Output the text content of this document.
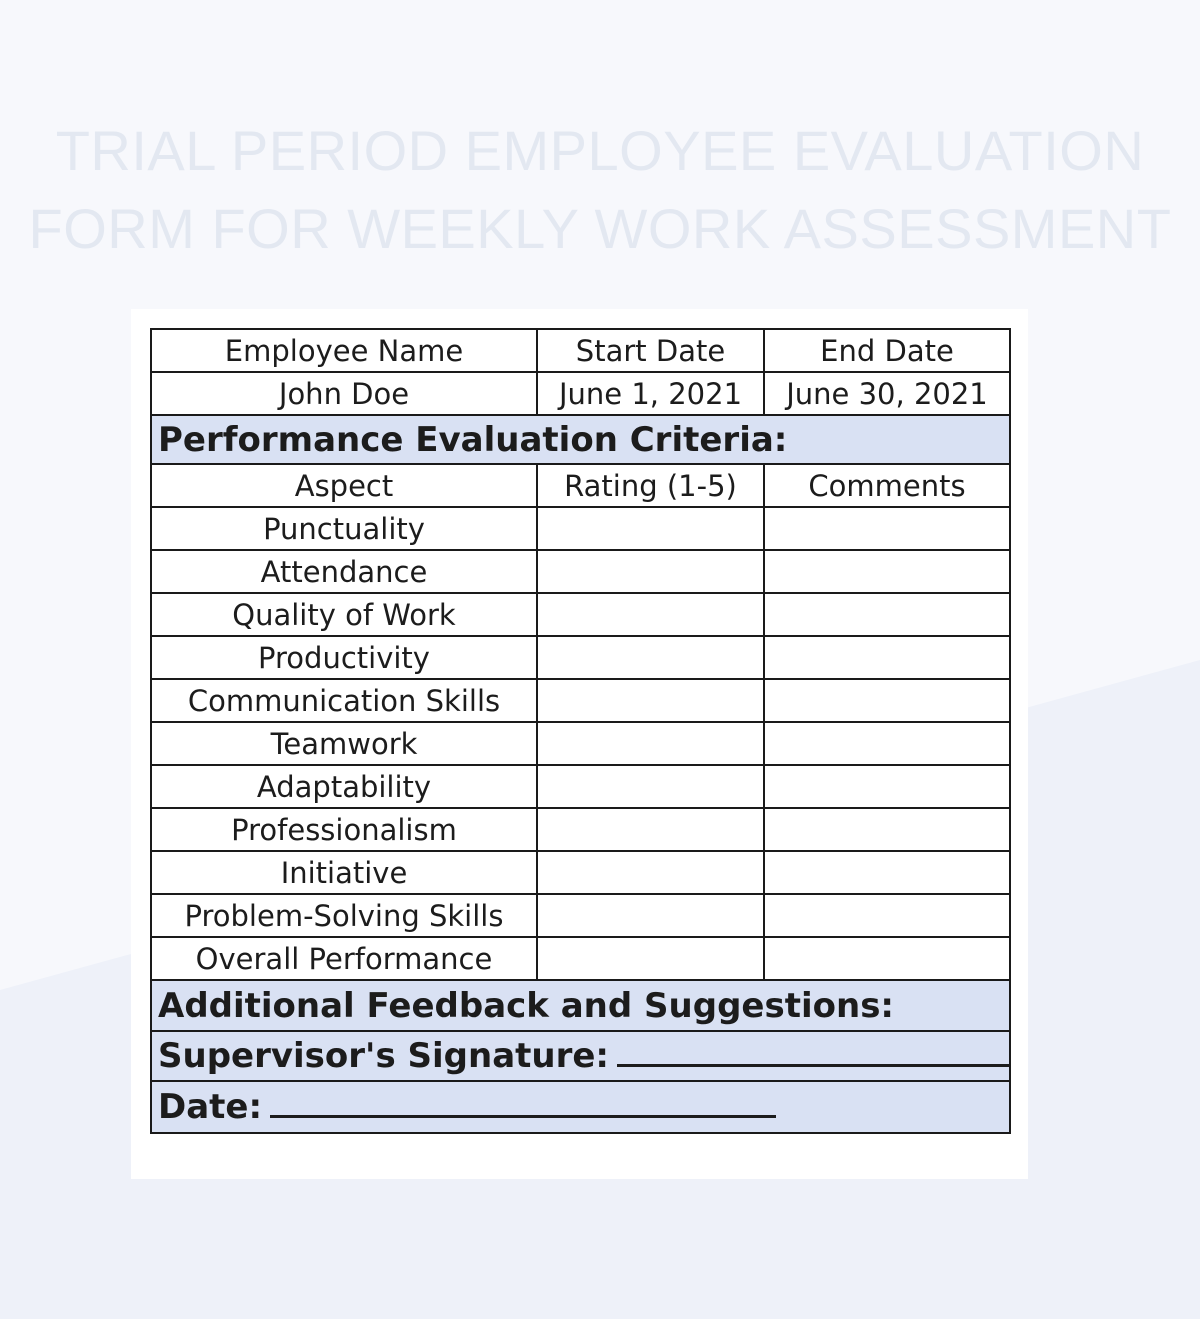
TRIAL PERIOD EMPLOYEE EVALUATION
FORM FOR WEEKLY WORK ASSESSMENT
Employee Name	Start Date	End Date
John Doe	June 1, 2021	June 30, 2021
Performance Evaluation Criteria:		
Aspect	Rating (1-5)	Comments
Punctuality		
Attendance		
Quality of Work		
Productivity		
Communication Skills		
Teamwork		
Adaptability		
Professionalism		
Initiative		
Problem-Solving Skills		
Overall Performance		
Additional Feedback and Suggestions:		
Supervisor's Signature:		
Date:		
